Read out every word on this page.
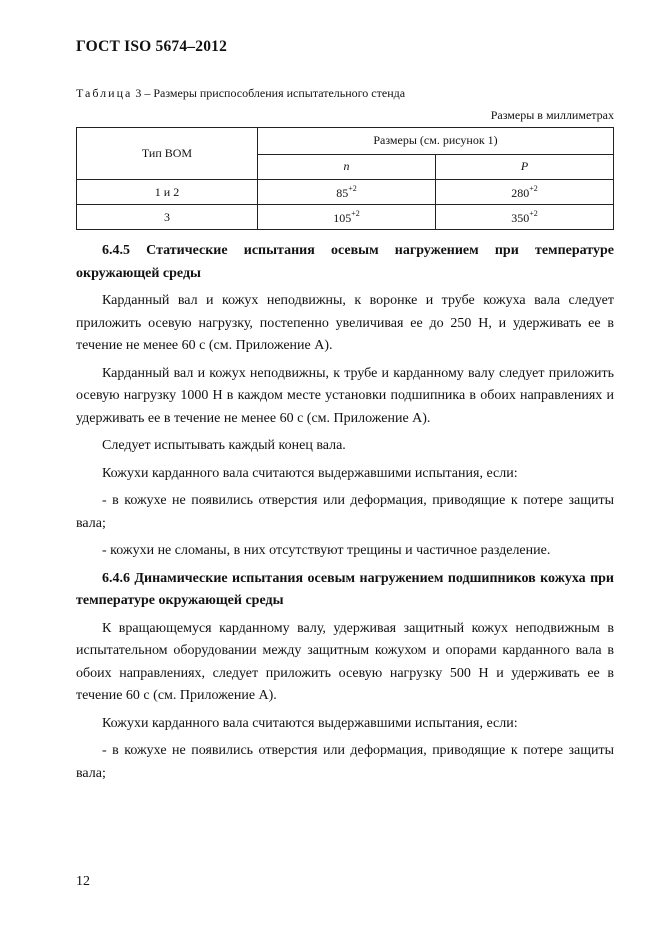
ГОСТ ISO 5674–2012
Таблица 3 – Размеры приспособления испытательного стенда
Размеры в миллиметрах
Тип ВОМ	Размеры (см. рисунок 1)	
	n	P
1 и 2	$85^{+2}$	$280^{+2}$
3	$105^{+2}$	$350^{+2}$

6.4.5 Статические испытания осевым нагружением при температуре окружающей среды

Карданный вал и кожух неподвижны, к воронке и трубе кожуха вала следует приложить осевую нагрузку, постепенно увеличивая ее до 250 Н, и удерживать ее в течение не менее 60 с (см. Приложение А).

Карданный вал и кожух неподвижны, к трубе и карданному валу следует приложить осевую нагрузку 1000 Н в каждом месте установки подшипника в обоих направлениях и удерживать ее в течение не менее 60 с (см. Приложение А).

Следует испытывать каждый конец вала.

Кожухи карданного вала считаются выдержавшими испытания, если:

- в кожухе не появились отверстия или деформация, приводящие к потере защиты вала;

- кожухи не сломаны, в них отсутствуют трещины и частичное разделение.

6.4.6 Динамические испытания осевым нагружением подшипников кожуха при температуре окружающей среды

К вращающемуся карданному валу, удерживая защитный кожух неподвижным в испытательном оборудовании между защитным кожухом и опорами карданного вала в обоих направлениях, следует приложить осевую нагрузку 500 Н и удерживать ее в течение 60 с (см. Приложение А).

Кожухи карданного вала считаются выдержавшими испытания, если:

- в кожухе не появились отверстия или деформация, приводящие к потере защиты вала;

12
